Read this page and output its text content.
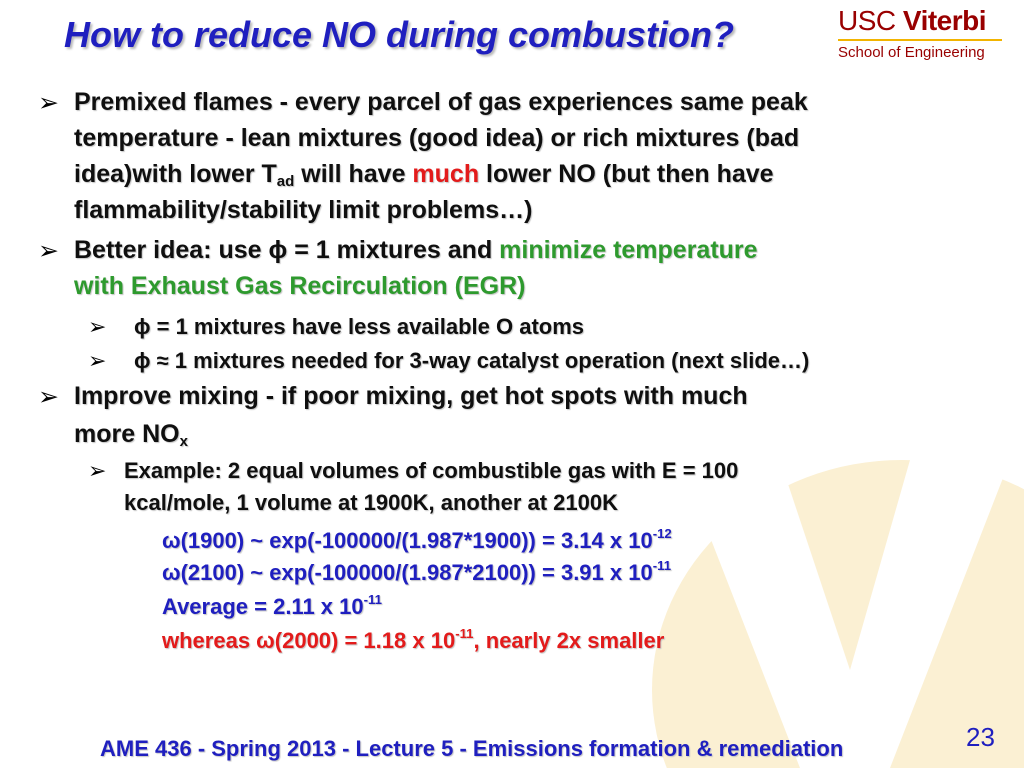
How to reduce NO during combustion?	USC Viterbi
School of Engineering
➢ Premixed flames - every parcel of gas experiences same peak
temperature - lean mixtures (good idea) or rich mixtures (bad
idea)with lower $T_{ad}$ will have much lower NO (but then have
flammability/stability limit problems…)
➢ Better idea: use ϕ = 1 mixtures and minimize temperature
with Exhaust Gas Recirculation (EGR)
➢ ϕ = 1 mixtures have less available O atoms
➢ ϕ ≈ 1 mixtures needed for 3-way catalyst operation (next slide…)
➢ Improve mixing - if poor mixing, get hot spots with much
more $NO_x$
➢ Example: 2 equal volumes of combustible gas with E = 100
kcal/mole, 1 volume at 1900K, another at 2100K
ω(1900) ~ exp(-100000/(1.987*1900)) = 3.14 x $10^{-12}$
ω(2100) ~ exp(-100000/(1.987*2100)) = 3.91 x $10^{-11}$
Average = 2.11 x $10^{-11}$
whereas ω(2000) = 1.18 x $10^{-11}$, nearly 2x smaller
AME 436 - Spring 2013 - Lecture 5 - Emissions formation & remediation	23
